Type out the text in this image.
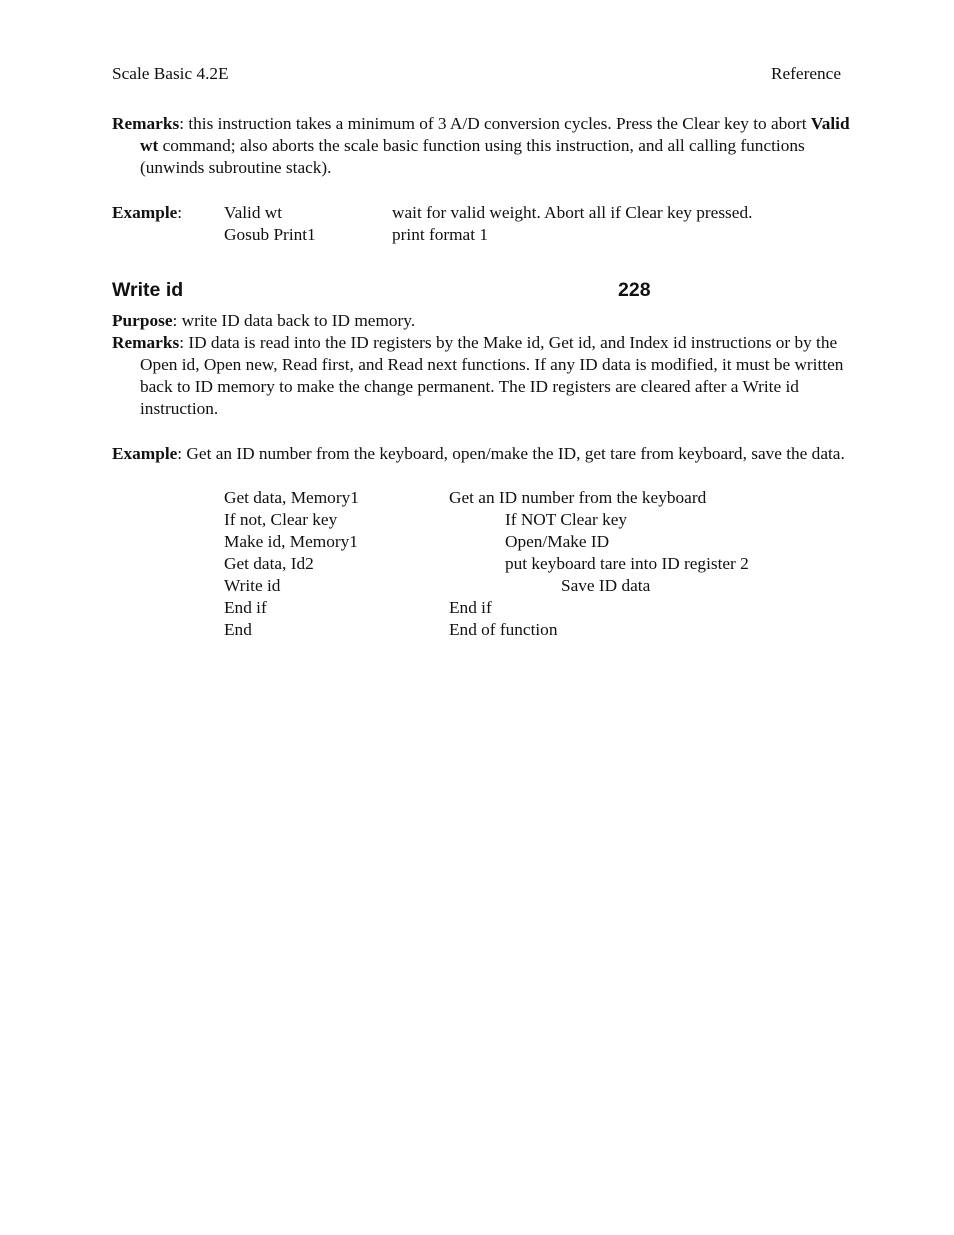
Scale Basic 4.2E	Reference
Remarks: this instruction takes a minimum of 3 A/D conversion cycles. Press the Clear key to abort Valid wt command; also aborts the scale basic function using this instruction, and all calling functions (unwinds subroutine stack).
Example: Valid wt	wait for valid weight. Abort all if Clear key pressed.
Gosub Print1	print format 1
Write id	228
Purpose: write ID data back to ID memory.
Remarks: ID data is read into the ID registers by the Make id, Get id, and Index id instructions or by the Open id, Open new, Read first, and Read next functions. If any ID data is modified, it must be written back to ID memory to make the change permanent. The ID registers are cleared after a Write id instruction.
Example: Get an ID number from the keyboard, open/make the ID, get tare from keyboard, save the data.
Get data, Memory1	Get an ID number from the keyboard
If not, Clear key	If NOT Clear key
Make id, Memory1	Open/Make ID
Get data, Id2	put keyboard tare into ID register 2
Write id	Save ID data
End if	End if
End	End of function
